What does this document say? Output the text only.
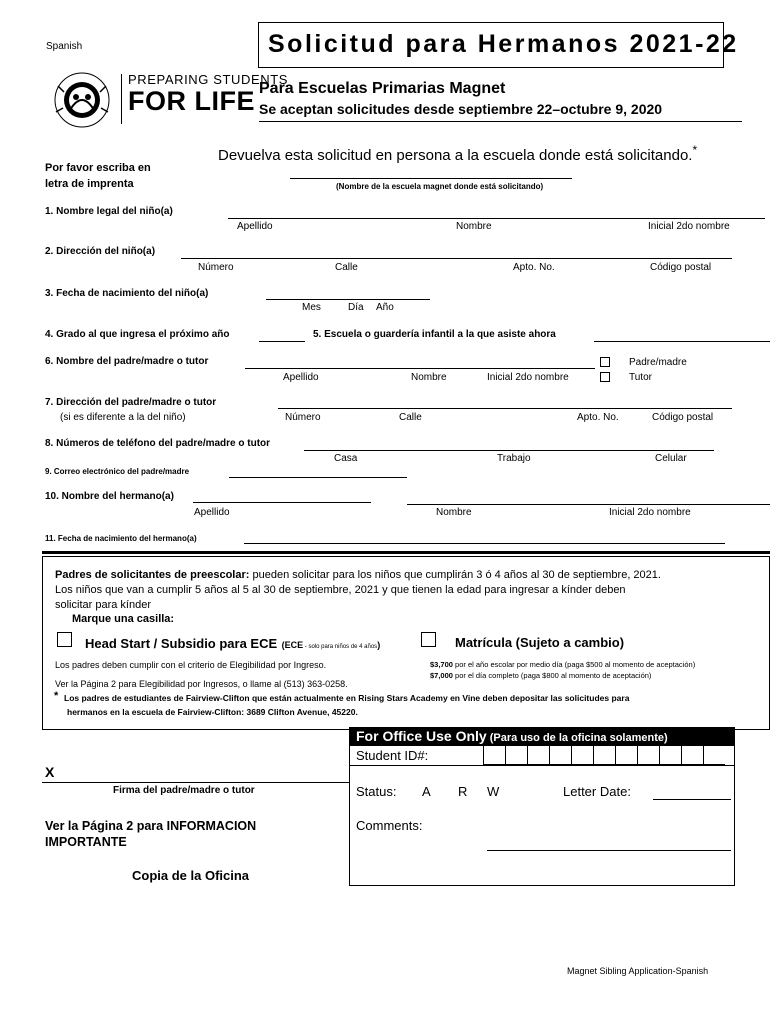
Spanish	Solicitud para Hermanos 2021-22
PREPARING STUDENTS
FOR LIFE Para Escuelas Primarias Magnet
Se aceptan solicitudes desde septiembre 22–octubre 9, 2020
Devuelva esta solicitud en persona a la escuela donde está solicitando.*
Por favor escriba en
letra de imprenta	(Nombre de la escuela magnet donde está solicitando)
1. Nombre legal del niño(a)
Apellido	Nombre	Inicial 2do nombre
2. Dirección del niño(a)
Número	Calle	Apto. No.	Código postal
3. Fecha de nacimiento del niño(a)
Mes	Día Año
4. Grado al que ingresa el próximo año	5. Escuela o guardería infantil a la que asiste ahora
6. Nombre del padre/madre o tutor
Apellido	Nombre	Inicial 2do nombre
Padre/madre
Tutor
7. Dirección del padre/madre o tutor
(si es diferente a la del niño)	Número	Calle	Apto. No.	Código postal
8. Números de teléfono del padre/madre o tutor
Casa	Trabajo	Celular
9. Correo electrónico del padre/madre
10. Nombre del hermano(a)
Apellido	Nombre	Inicial 2do nombre
11. Fecha de nacimiento del hermano(a)
Padres de solicitantes de preescolar: pueden solicitar para los niños que cumplirán 3 ó 4 años al 30 de septiembre, 2021.
Los niños que van a cumplir 5 años al 5 al 30 de septiembre, 2021 y que tienen la edad para ingresar a kínder deben
solicitar para kínder
Marque una casilla:
Head Start / Subsidio para ECE (ECE - solo para niños de 4 años)	Matrícula (Sujeto a cambio)
Los padres deben cumplir con el criterio de Elegibilidad por Ingreso.
Ver la Página 2 para Elegibilidad por Ingresos, o llame al (513) 363-0258.
$3,700 por el año escolar por medio día (paga $500 al momento de aceptación)
$7,000 por el día completo (paga $800 al momento de aceptación)
* Los padres de estudiantes de Fairview-Clifton que están actualmente en Rising Stars Academy en Vine deben depositar las solicitudes para
hermanos en la escuela de Fairview-Clifton: 3689 Clifton Avenue, 45220.
X
Firma del padre/madre o tutor
Ver la Página 2 para INFORMACION
IMPORTANTE
Copia de la Oficina
For Office Use Only (Para uso de la oficina solamente)
Student ID#:
Status: A R W	Letter Date:
Comments:
Magnet Sibling Application-Spanish
